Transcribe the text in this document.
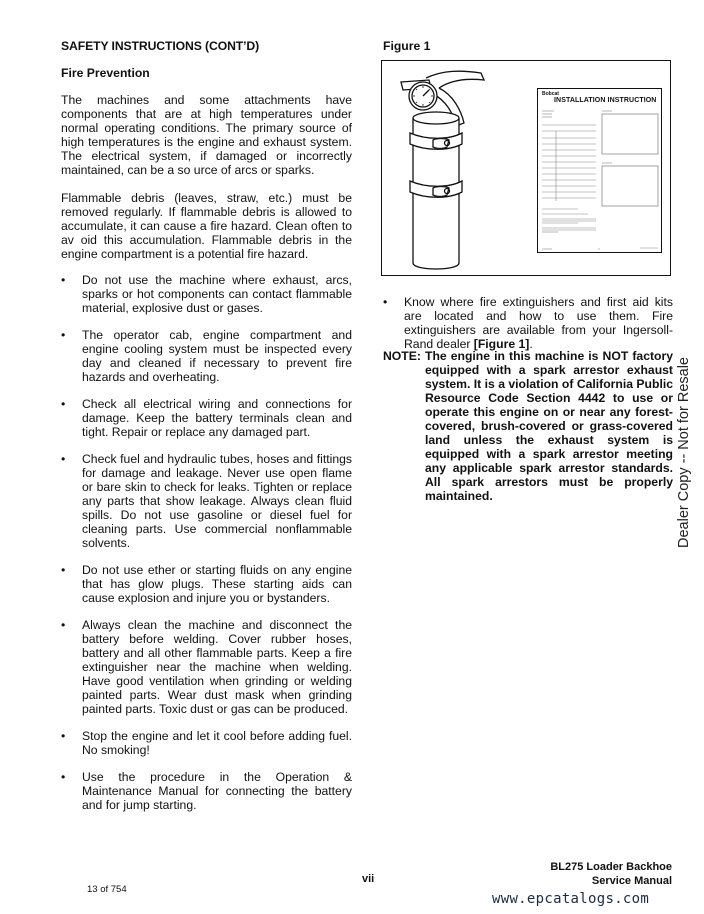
SAFETY INSTRUCTIONS (CONT’D)
Fire Prevention
The machines and some attachments have components that are at high temperatures under normal operating conditions. The primary source of high temperatures is the engine and exhaust system. The electrical system, if damaged or incorrectly maintained, can be a so urce of arcs or sparks.
Flammable debris (leaves, straw, etc.) must be removed regularly. If flammable debris is allowed to accumulate, it can cause a fire hazard. Clean often to av oid this accumulation. Flammable debris in the engine compartment is a potential fire hazard.
• Do not use the machine where exhaust, arcs, sparks or hot components can contact flammable material, explosive dust or gases.
• The operator cab, engine compartment and engine cooling system must be inspected every day and cleaned if necessary to prevent fire hazards and overheating.
• Check all electrical wiring and connections for damage. Keep the battery terminals clean and tight. Repair or replace any damaged part.
• Check fuel and hydraulic tubes, hoses and fittings for damage and leakage. Never use open flame or bare skin to check for leaks. Tighten or replace any parts that show leakage. Always clean fluid spills. Do not use gasoline or diesel fuel for cleaning parts. Use commercial nonflammable solvents.
• Do not use ether or starting fluids on any engine that has glow plugs. These starting aids can cause explosion and injure you or bystanders.
• Always clean the machine and disconnect the battery before welding. Cover rubber hoses, battery and all other flammable parts. Keep a fire extinguisher near the machine when welding. Have good ventilation when grinding or welding painted parts. Wear dust mask when grinding painted parts. Toxic dust or gas can be produced.
• Stop the engine and let it cool before adding fuel. No smoking!
• Use the procedure in the Operation & Maintenance Manual for connecting the battery and for jump starting.
Figure 1
Bobcat
INSTALLATION INSTRUCTION
• Know where fire extinguishers and first aid kits are located and how to use them. Fire extinguishers are available from your Ingersoll-Rand dealer [Figure 1].
NOTE: The engine in this machine is NOT factory equipped with a spark arrestor exhaust system. It is a violation of California Public Resource Code Section 4442 to use or operate this engine on or near any forest-covered, brush-covered or grass-covered land unless the exhaust system is equipped with a spark arrestor meeting any applicable spark arrestor standards. All spark arrestors must be properly maintained.	Dealer Copy -- Not for Resale
BL275 Loader Backhoe
Service Manual
vii
13 of 754
www.epcatalogs.com
